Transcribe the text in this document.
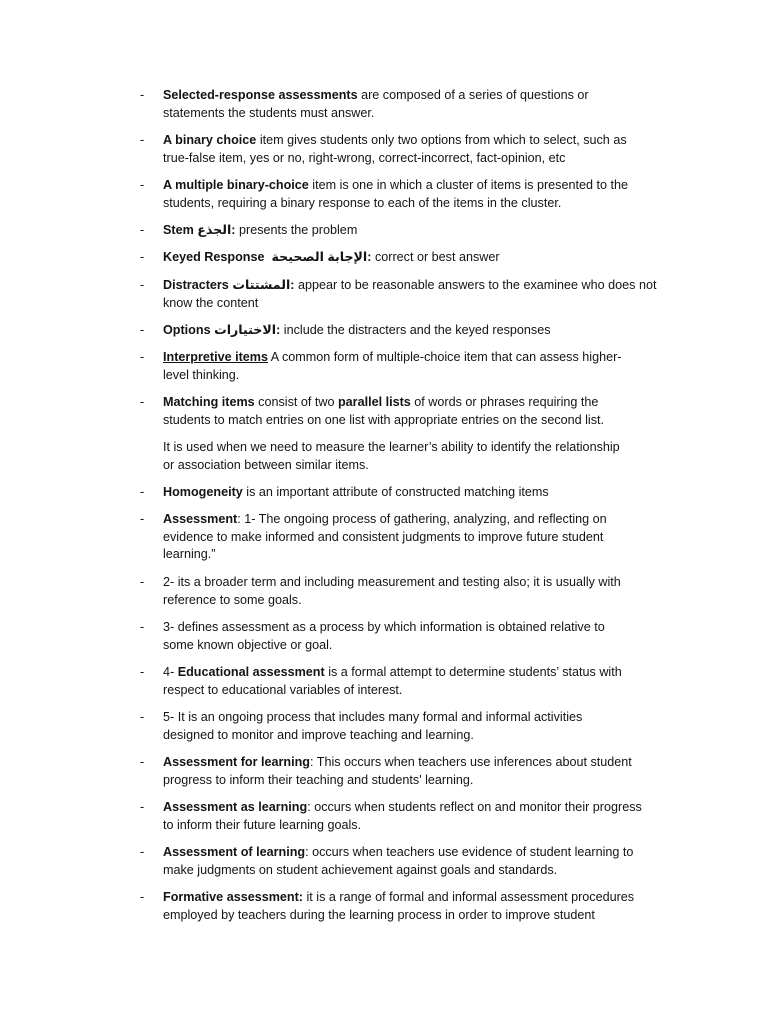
- Selected-response assessments are composed of a series of questions or
statements the students must answer.
- A binary choice item gives students only two options from which to select, such as
true-false item, yes or no, right-wrong, correct-incorrect, fact-opinion, etc
- A multiple binary-choice item is one in which a cluster of items is presented to the
students, requiring a binary response to each of the items in the cluster.
- Stem الجذع: presents the problem
- Keyed Response الإجابة الصحيحة: correct or best answer
- Distracters المشتتات: appear to be reasonable answers to the examinee who does not
know the content
- Options الاختيارات: include the distracters and the keyed responses
- Interpretive items A common form of multiple-choice item that can assess higher-
level thinking.
- Matching items consist of two parallel lists of words or phrases requiring the
students to match entries on one list with appropriate entries on the second list.
It is used when we need to measure the learner’s ability to identify the relationship
or association between similar items.
- Homogeneity is an important attribute of constructed matching items
- Assessment: 1- The ongoing process of gathering, analyzing, and reflecting on
evidence to make informed and consistent judgments to improve future student
learning.”
- 2- its a broader term and including measurement and testing also; it is usually with
reference to some goals.
- 3- defines assessment as a process by which information is obtained relative to
some known objective or goal.
- 4- Educational assessment is a formal attempt to determine students’ status with
respect to educational variables of interest.
- 5- It is an ongoing process that includes many formal and informal activities
designed to monitor and improve teaching and learning.
- Assessment for learning: This occurs when teachers use inferences about student
progress to inform their teaching and students' learning.
- Assessment as learning: occurs when students reflect on and monitor their progress
to inform their future learning goals.
- Assessment of learning: occurs when teachers use evidence of student learning to
make judgments on student achievement against goals and standards.
- Formative assessment: it is a range of formal and informal assessment procedures
employed by teachers during the learning process in order to improve student
